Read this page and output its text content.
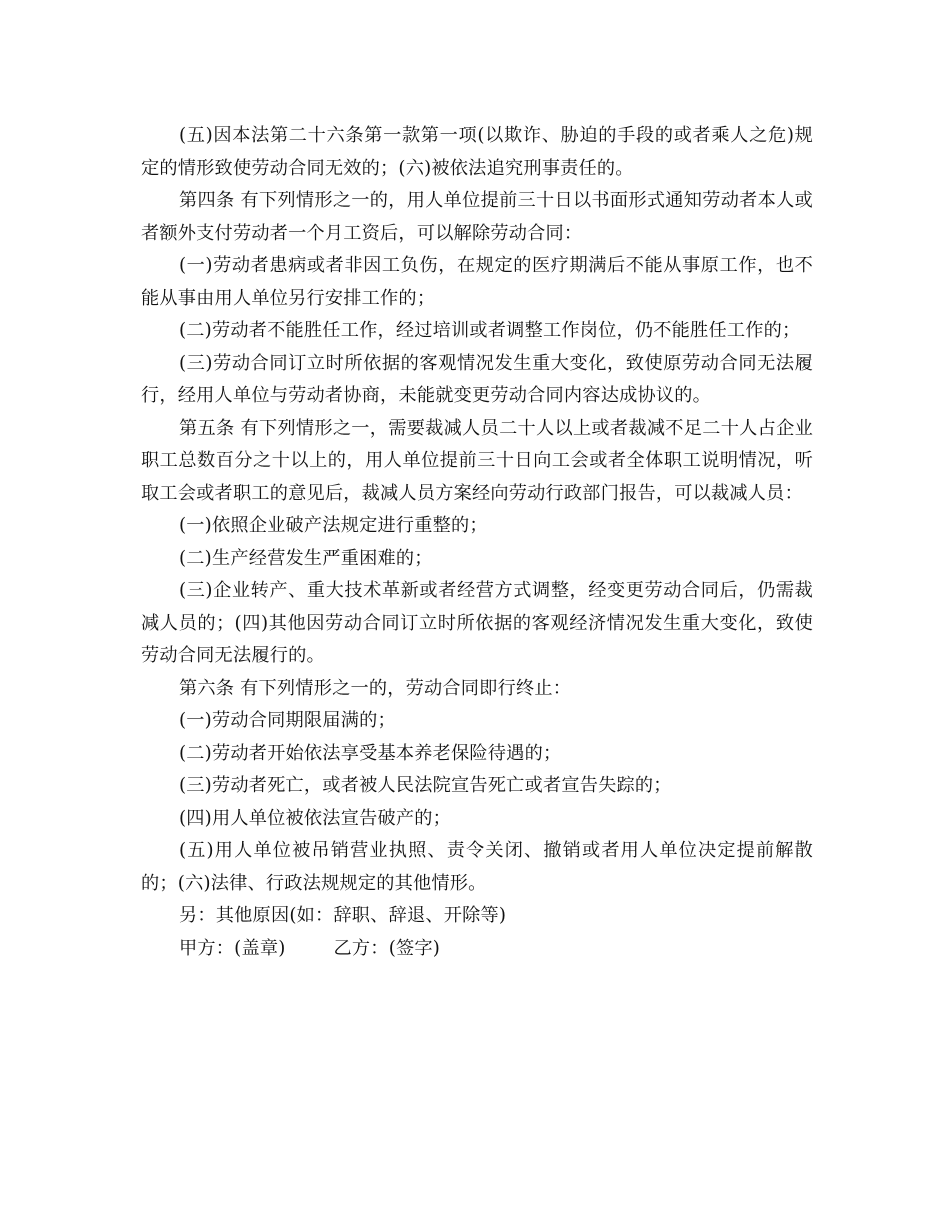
(五)因本法第二十六条第一款第一项(以欺诈、胁迫的手段的或者乘人之危)规定的情形致使劳动合同无效的；(六)被依法追究刑事责任的。

第四条 有下列情形之一的，用人单位提前三十日以书面形式通知劳动者本人或者额外支付劳动者一个月工资后，可以解除劳动合同：

(一)劳动者患病或者非因工负伤，在规定的医疗期满后不能从事原工作，也不能从事由用人单位另行安排工作的；

(二)劳动者不能胜任工作，经过培训或者调整工作岗位，仍不能胜任工作的；

(三)劳动合同订立时所依据的客观情况发生重大变化，致使原劳动合同无法履行，经用人单位与劳动者协商，未能就变更劳动合同内容达成协议的。

第五条 有下列情形之一，需要裁减人员二十人以上或者裁减不足二十人占企业职工总数百分之十以上的，用人单位提前三十日向工会或者全体职工说明情况，听取工会或者职工的意见后，裁减人员方案经向劳动行政部门报告，可以裁减人员：

(一)依照企业破产法规定进行重整的；

(二)生产经营发生严重困难的；

(三)企业转产、重大技术革新或者经营方式调整，经变更劳动合同后，仍需裁减人员的；(四)其他因劳动合同订立时所依据的客观经济情况发生重大变化，致使劳动合同无法履行的。

第六条 有下列情形之一的，劳动合同即行终止：

(一)劳动合同期限届满的；

(二)劳动者开始依法享受基本养老保险待遇的；

(三)劳动者死亡，或者被人民法院宣告死亡或者宣告失踪的；

(四)用人单位被依法宣告破产的；

(五)用人单位被吊销营业执照、责令关闭、撤销或者用人单位决定提前解散的；(六)法律、行政法规规定的其他情形。

另：其他原因(如：辞职、辞退、开除等)

甲方：(盖章)	乙方：(签字)
